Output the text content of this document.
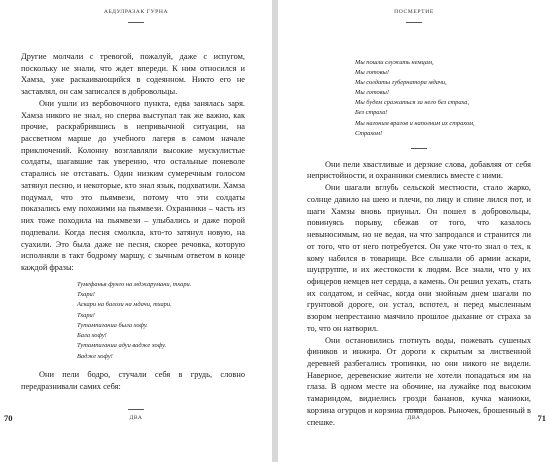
АБДУЛРАЗАК ГУРНА

Другие молчали с тревогой, пожалуй, даже с испугом, поскольку не знали, что ждет впереди. К ним относился и Хамза, уже раскаивающийся в содеянном. Никто его не заставлял, он сам записался в добровольцы.

Они ушли из вербовочного пункта, едва занялась заря. Хамза никого не знал, но сперва выступал так же важно, как прочие, раскрабрившись в непривычной ситуации, на рассветном марше до учебного лагеря в самом начале приключений. Колонну возглавляли высокие мускулистые солдаты, шагавшие так уверенно, что остальные поневоле старались не отставать. Один низким сумеречным голосом затянул песню, и некоторые, кто знал язык, подхватили. Хамза подумал, что это пьямвези, потому что эти солдаты показались ему похожими на пьямвези. Охранники – часть из них тоже походила на пьямвези – улыбались и даже порой подпевали. Когда песня смолкла, кто-то затянул новую, на суахили. Это была даже не песня, скорее речовка, которую исполняли в такт бодрому маршу, с зычным ответом в конце каждой фразы:

Тумефанья фунго на мджарумани, тхари.
Тхари!
Аскари на балози на мдачи, тхари.
Тхари!
Тутампиганиа была хофу.
Бала хофу!
Тутампиганиа адуи вадже хофу.
Вадже хофу!

Они пели бодро, стучали себя в грудь, словно передразнивали самих себя:

70	ДВА
ПОСМЕРТИЕ
Мы пошли служить немцам,
Мы готовы!
Мы солдаты губернатора мдачи,
Мы готовы!
Мы будем сражаться за него без страха,
Без страха!
Мы нагоним врагов и наполним их страхом,
Страхом!

Они пели хвастливые и дерзкие слова, добавляя от себя непристойности, и охранники смеялись вместе с ними.

Они шагали вглубь сельской местности, стало жарко, солнце давило на шею и плечи, по лицу и спине лился пот, и шаги Хамзы вновь приуныл. Он пошел в добровольцы, повинуясь порыву, сбежав от того, что казалось невыносимым, но не ведая, на что запродался и странится ли от того, что от него потребуется. Он уже что-то знал о тех, к кому набился в товарищи. Все слышали об армии аскари, шуцтруппе, и их жестокости к людям. Все знали, что у их офицеров немцев нет сердца, а камень. Он решил уехать, стать их солдатом, и сейчас, когда они знойным днем шагали по грунтовой дороге, он устал, вспотел, и перед мысленным взором непрестанно маячило прошлое дыхание от страха за то, что он натворил.

Они остановились глотнуть воды, пожевать сушеных фиников и инжира. От дороги к скрытым за лиственной деревней разбегались тропинки, но они никого не видели. Наверное, деревенские жители не хотели попадаться им на глаза. В одном месте на обочине, на лужайке под высоким тамариндом, виднелись грозди бананов, кучка маниоки, корзина огурцов и корзина помидоров. Рыночек, брошенный в спешке.	71
ДВА
